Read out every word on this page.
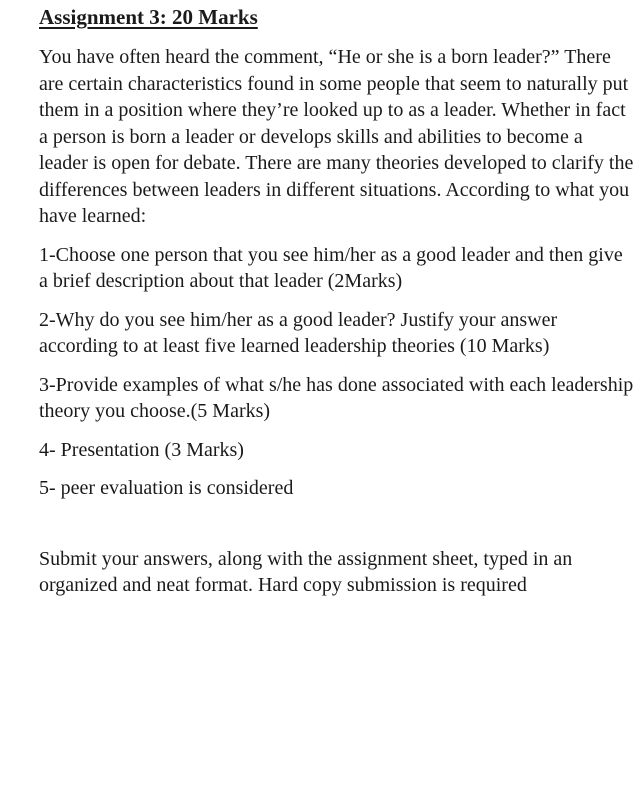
Assignment 3: 20 Marks

You have often heard the comment, “He or she is a born leader?” There are certain characteristics found in some people that seem to naturally put them in a position where they’re looked up to as a leader. Whether in fact a person is born a leader or develops skills and abilities to become a leader is open for debate. There are many theories developed to clarify the differences between leaders in different situations. According to what you have learned:

1-Choose one person that you see him/her as a good leader and then give a brief description about that leader (2Marks)

2-Why do you see him/her as a good leader? Justify your answer according to at least five learned leadership theories (10 Marks)

3-Provide examples of what s/he has done associated with each leadership theory you choose.(5 Marks)

4- Presentation (3 Marks)

5- peer evaluation is considered

Submit your answers, along with the assignment sheet, typed in an organized and neat format. Hard copy submission is required
